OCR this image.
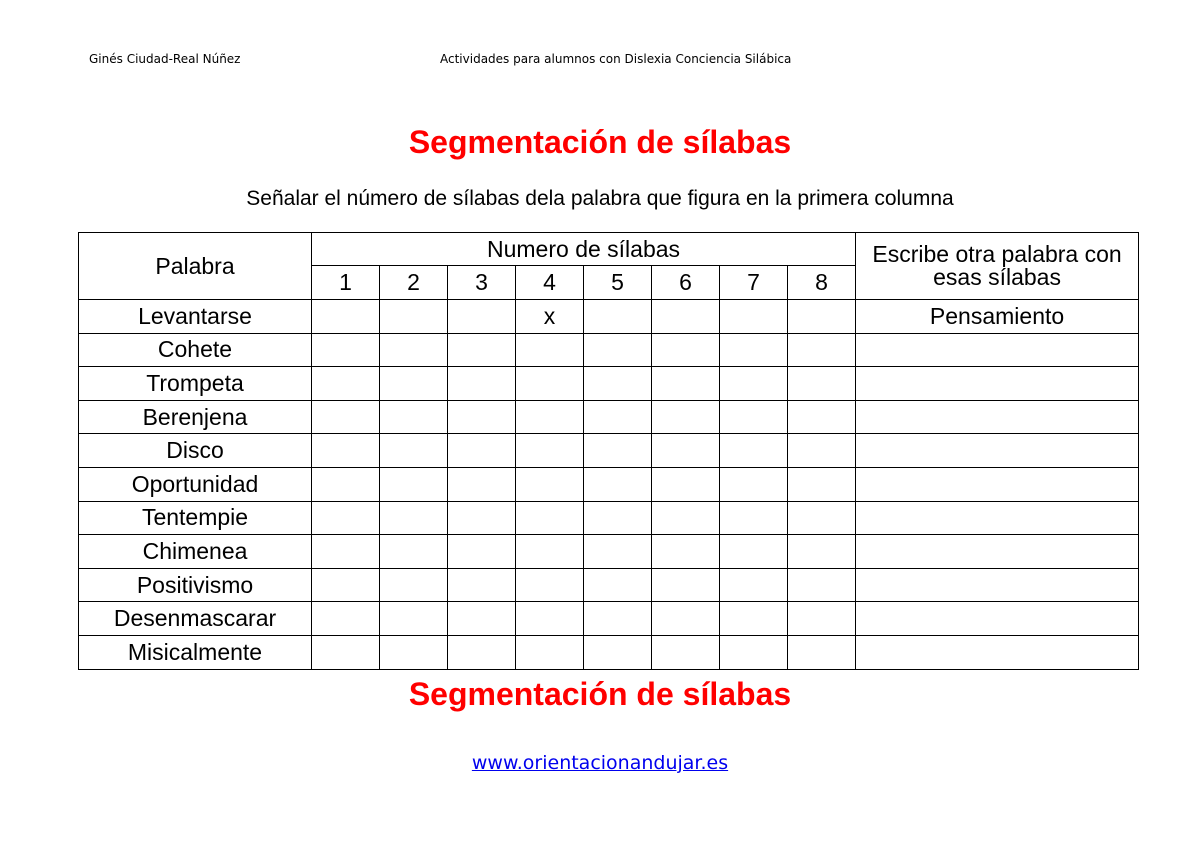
Ginés Ciudad-Real Núñez	Actividades para alumnos con Dislexia Conciencia Silábica
Segmentación de sílabas
Señalar el número de sílabas dela palabra que figura en la primera columna
Palabra	Numero de sílabas								Escribe otra palabra con esas sílabas
	1	2	3	4	5	6	7	8	
Levantarse				x					Pensamiento
Cohete									
Trompeta									
Berenjena									
Disco									
Oportunidad									
Tentempie									
Chimenea									
Positivismo									
Desenmascarar									
Misicalmente									
Segmentación de sílabas
www.orientacionandujar.es
